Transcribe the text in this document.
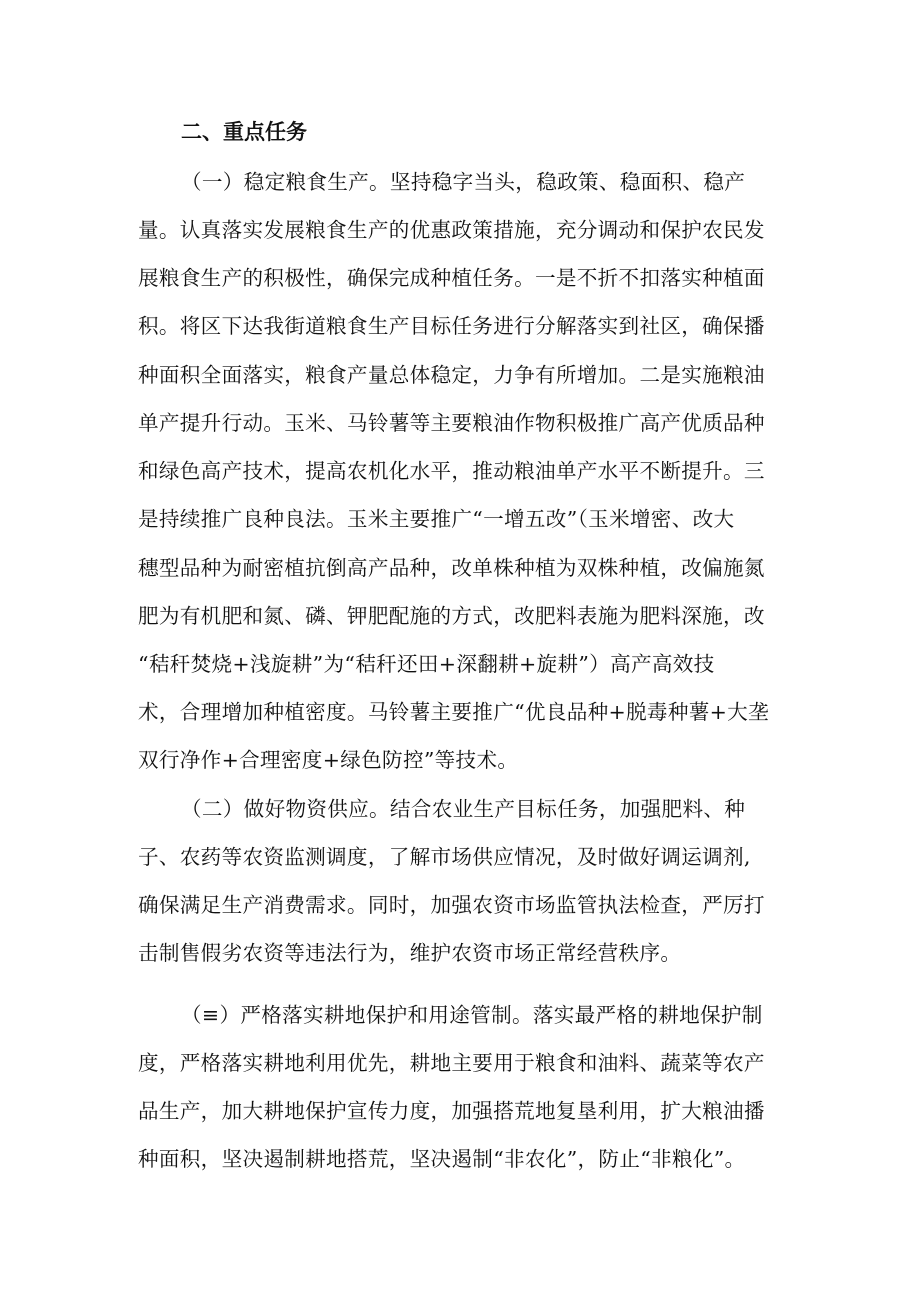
二、重点任务
（一）稳定粮食生产。坚持稳字当头，稳政策、稳面积、稳产
量。认真落实发展粮食生产的优惠政策措施，充分调动和保护农民发
展粮食生产的积极性，确保完成种植任务。一是不折不扣落实种植面
积。将区下达我街道粮食生产目标任务进行分解落实到社区，确保播
种面积全面落实，粮食产量总体稳定，力争有所增加。二是实施粮油
单产提升行动。玉米、马铃薯等主要粮油作物积极推广高产优质品种
和绿色高产技术，提高农机化水平，推动粮油单产水平不断提升。三
是持续推广良种良法。玉米主要推广“一增五改”（玉米增密、改大
穗型品种为耐密植抗倒高产品种，改单株种植为双株种植，改偏施氮
肥为有机肥和氮、磷、钾肥配施的方式，改肥料表施为肥料深施，改
“秸秆焚烧+浅旋耕”为“秸秆还田+深翻耕+旋耕”）高产高效技
术，合理增加种植密度。马铃薯主要推广“优良品种+脱毒种薯+大垄
双行净作+合理密度+绿色防控”等技术。
（二）做好物资供应。结合农业生产目标任务，加强肥料、种
子、农药等农资监测调度，了解市场供应情况，及时做好调运调剂,
确保满足生产消费需求。同时，加强农资市场监管执法检查，严厉打
击制售假劣农资等违法行为，维护农资市场正常经营秩序。
（≡）严格落实耕地保护和用途管制。落实最严格的耕地保护制
度，严格落实耕地利用优先，耕地主要用于粮食和油料、蔬菜等农产
品生产，加大耕地保护宣传力度，加强搭荒地复垦利用，扩大粮油播
种面积，坚决遏制耕地搭荒，坚决遏制“非农化”，防止“非粮化”。
